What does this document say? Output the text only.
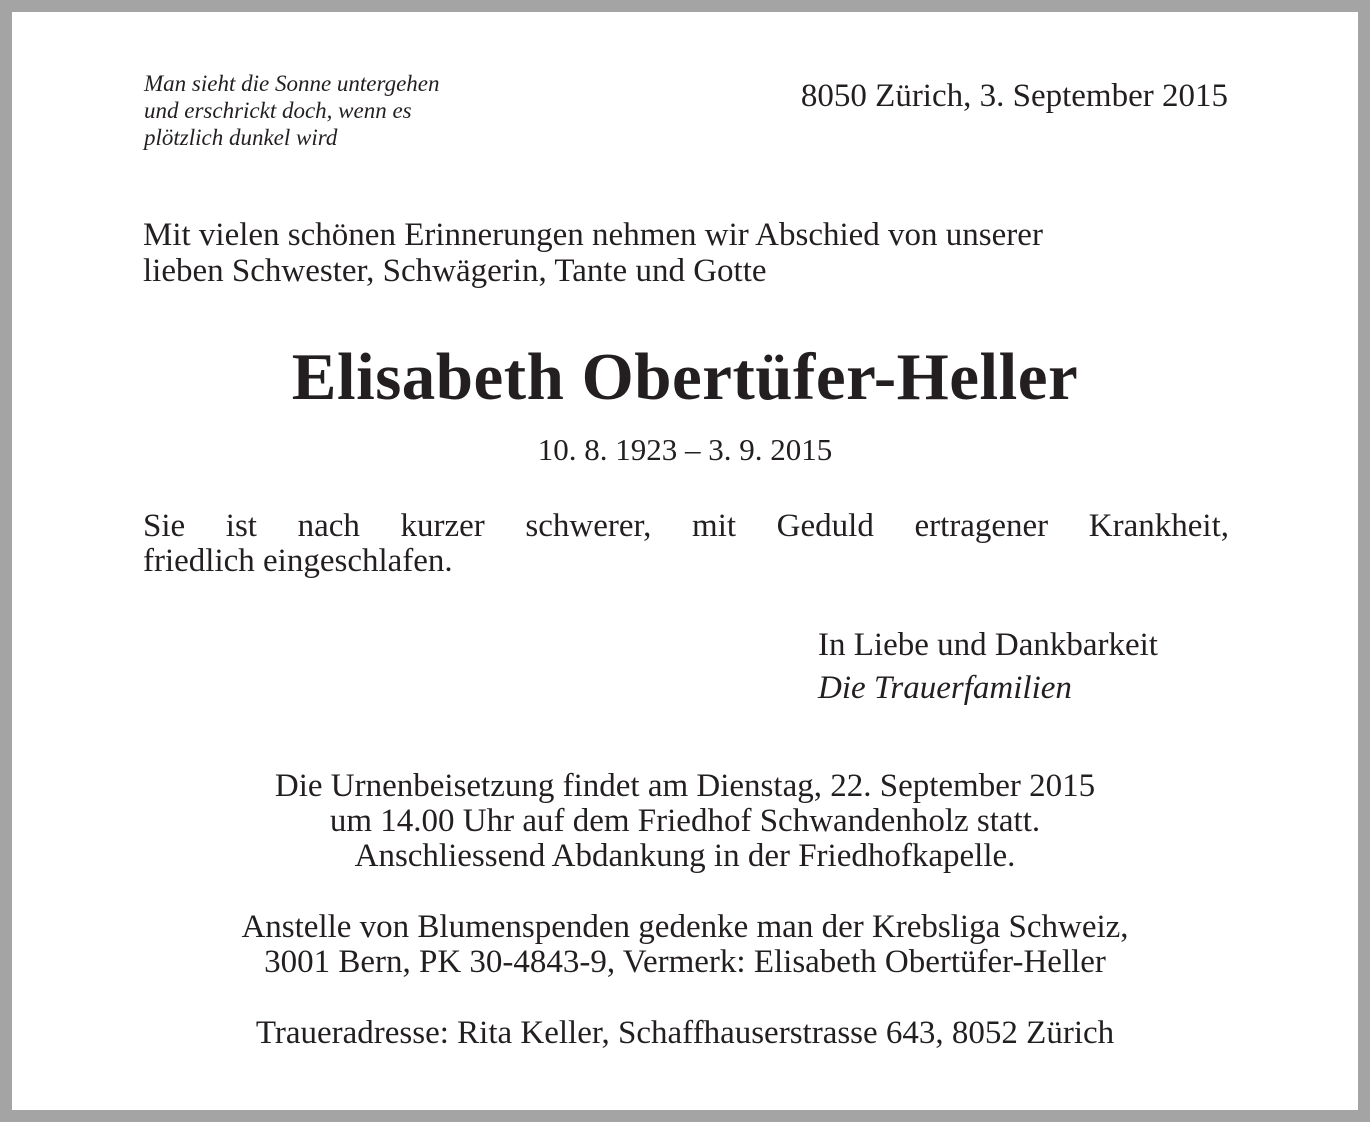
Man sieht die Sonne untergehen
und erschrickt doch, wenn es
plötzlich dunkel wird
8050 Zürich, 3. September 2015
Mit vielen schönen Erinnerungen nehmen wir Abschied von unserer
lieben Schwester, Schwägerin, Tante und Gotte
Elisabeth Obertüfer-Heller
10. 8. 1923 – 3. 9. 2015
Sie ist nach kurzer schwerer, mit Geduld ertragener Krankheit,
friedlich eingeschlafen.
In Liebe und Dankbarkeit
Die Trauerfamilien
Die Urnenbeisetzung findet am Dienstag, 22. September 2015
um 14.00 Uhr auf dem Friedhof Schwandenholz statt.
Anschliessend Abdankung in der Friedhofkapelle.
Anstelle von Blumenspenden gedenke man der Krebsliga Schweiz,
3001 Bern, PK 30-4843-9, Vermerk: Elisabeth Obertüfer-Heller
Traueradresse: Rita Keller, Schaffhauserstrasse 643, 8052 Zürich
